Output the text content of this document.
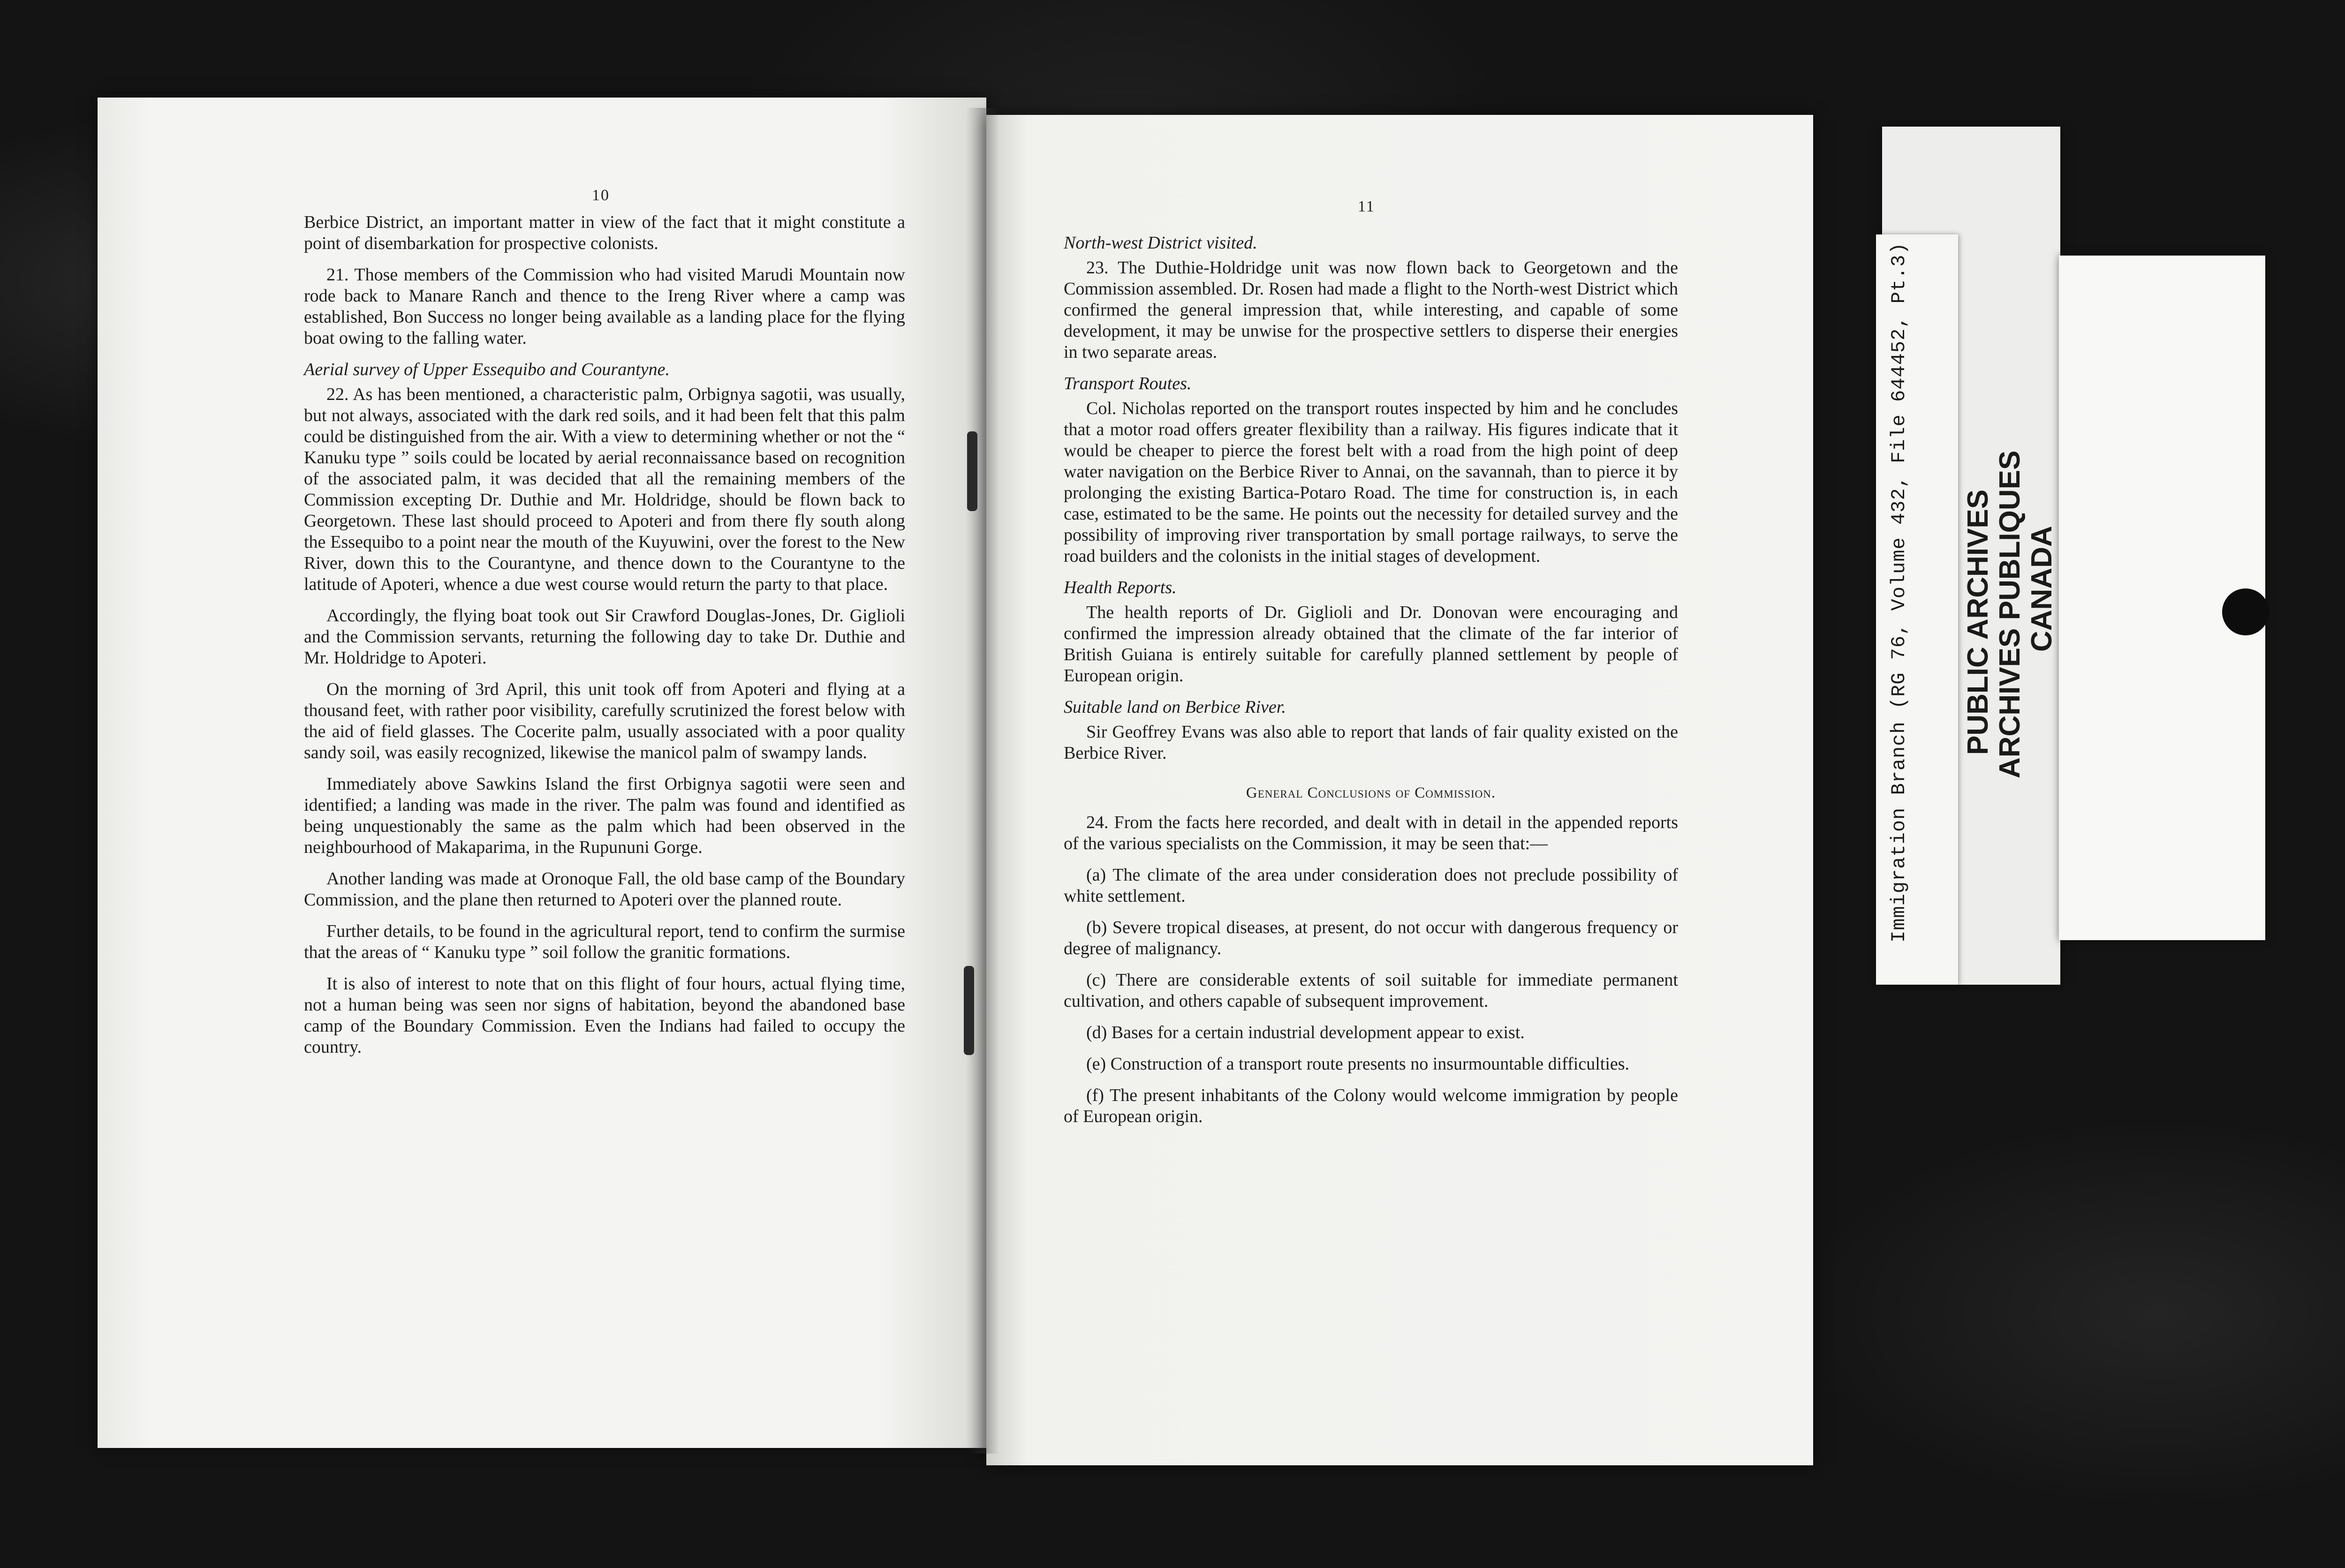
10
11

Berbice District, an important matter in view of the fact that it might constitute a point of disembarkation for prospective colonists.

21. Those members of the Commission who had visited Marudi Mountain now rode back to Manare Ranch and thence to the Ireng River where a camp was established, Bon Success no longer being available as a landing place for the flying boat owing to the falling water.

Aerial survey of Upper Essequibo and Courantyne.

22. As has been mentioned, a characteristic palm, Orbignya sagotii, was usually, but not always, associated with the dark red soils, and it had been felt that this palm could be distinguished from the air. With a view to determining whether or not the “ Kanuku type ” soils could be located by aerial reconnaissance based on recognition of the associated palm, it was decided that all the remaining members of the Commission excepting Dr. Duthie and Mr. Holdridge, should be flown back to Georgetown. These last should proceed to Apoteri and from there fly south along the Essequibo to a point near the mouth of the Kuyuwini, over the forest to the New River, down this to the Courantyne, and thence down to the Courantyne to the latitude of Apoteri, whence a due west course would return the party to that place.

Accordingly, the flying boat took out Sir Crawford Douglas-Jones, Dr. Giglioli and the Commission servants, returning the following day to take Dr. Duthie and Mr. Holdridge to Apoteri.

On the morning of 3rd April, this unit took off from Apoteri and flying at a thousand feet, with rather poor visibility, carefully scrutinized the forest below with the aid of field glasses. The Cocerite palm, usually associated with a poor quality sandy soil, was easily recognized, likewise the manicol palm of swampy lands.

Immediately above Sawkins Island the first Orbignya sagotii were seen and identified; a landing was made in the river. The palm was found and identified as being unquestionably the same as the palm which had been observed in the neighbourhood of Makaparima, in the Rupununi Gorge.

Another landing was made at Oronoque Fall, the old base camp of the Boundary Commission, and the plane then returned to Apoteri over the planned route.

Further details, to be found in the agricultural report, tend to confirm the surmise that the areas of “ Kanuku type ” soil follow the granitic formations.

It is also of interest to note that on this flight of four hours, actual flying time, not a human being was seen nor signs of habitation, beyond the abandoned base camp of the Boundary Commission. Even the Indians had failed to occupy the country.

North-west District visited.

23. The Duthie-Holdridge unit was now flown back to Georgetown and the Commission assembled. Dr. Rosen had made a flight to the North-west District which confirmed the general impression that, while interesting, and capable of some development, it may be unwise for the prospective settlers to disperse their energies in two separate areas.

Transport Routes.

Col. Nicholas reported on the transport routes inspected by him and he concludes that a motor road offers greater flexibility than a railway. His figures indicate that it would be cheaper to pierce the forest belt with a road from the high point of deep water navigation on the Berbice River to Annai, on the savannah, than to pierce it by prolonging the existing Bartica-Potaro Road. The time for construction is, in each case, estimated to be the same. He points out the necessity for detailed survey and the possibility of improving river transportation by small portage railways, to serve the road builders and the colonists in the initial stages of development.

Health Reports.

The health reports of Dr. Giglioli and Dr. Donovan were encouraging and confirmed the impression already obtained that the climate of the far interior of British Guiana is entirely suitable for carefully planned settlement by people of European origin.

Suitable land on Berbice River.

Sir Geoffrey Evans was also able to report that lands of fair quality existed on the Berbice River.

General Conclusions of Commission.

24. From the facts here recorded, and dealt with in detail in the appended reports of the various specialists on the Commission, it may be seen that:—

(a) The climate of the area under consideration does not preclude possibility of white settlement.

(b) Severe tropical diseases, at present, do not occur with dangerous frequency or degree of malignancy.

(c) There are considerable extents of soil suitable for immediate permanent cultivation, and others capable of subsequent improvement.

(d) Bases for a certain industrial development appear to exist.

(e) Construction of a transport route presents no insurmountable difficulties.

(f) The present inhabitants of the Colony would welcome immigration by people of European origin.

Immigration Branch (RG 76, Volume 432, File 644452, Pt.3) PUBLIC ARCHIVES ARCHIVES PUBLIQUES CANADA
